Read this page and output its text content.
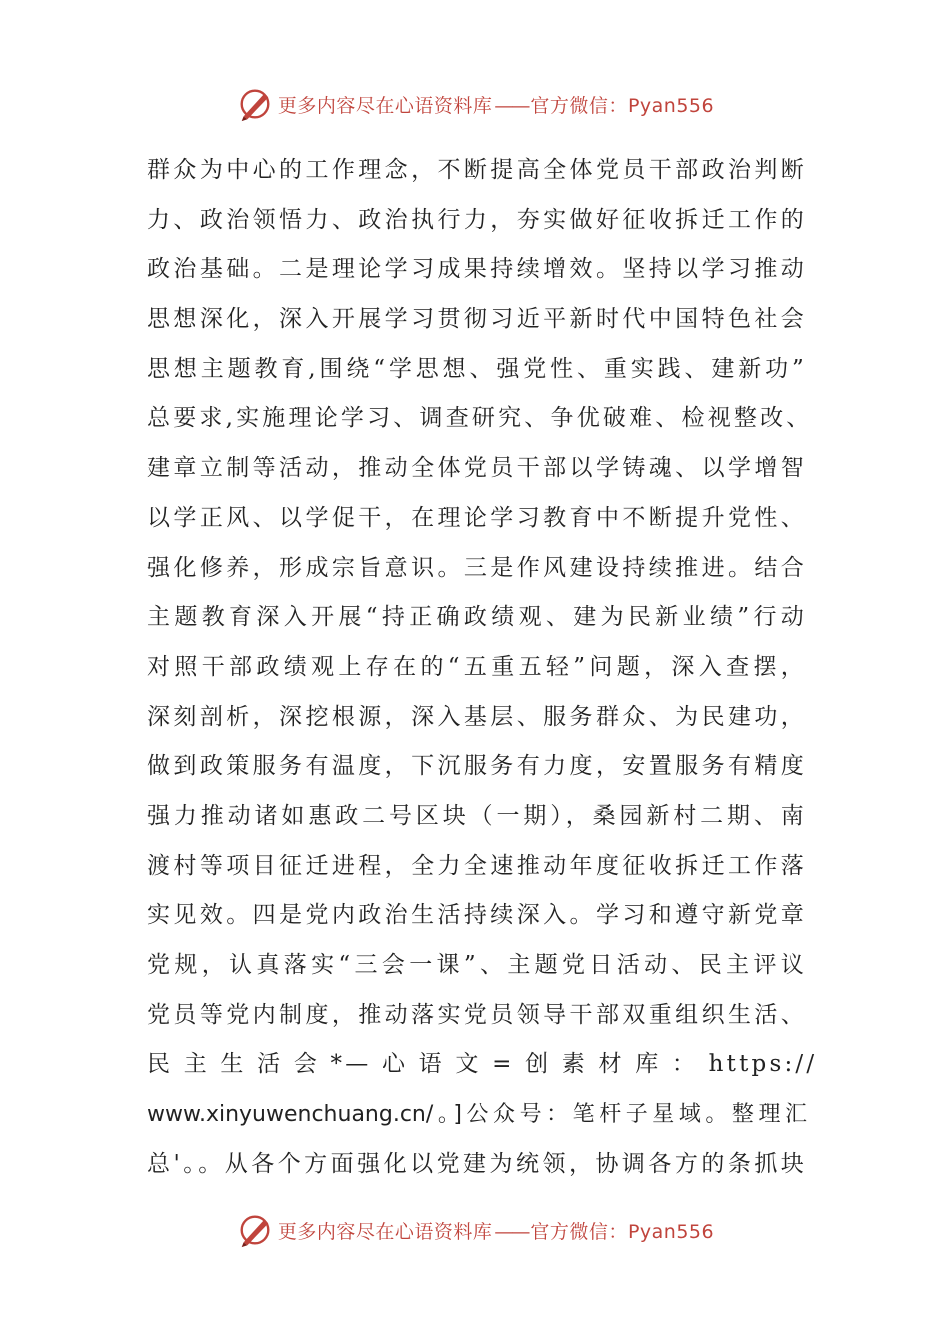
更多内容尽在心语资料库 —— 官方微信：Pyan556
群众为中心的工作理念，不断提高全体党员干部政治判断
力、政治领悟力、政治执行力，夯实做好征收拆迁工作的
政治基础。二是理论学习成果持续增效。坚持以学习推动
思想深化，深入开展学习贯彻习近平新时代中国特色社会
思想主题教育,围绕“学思想、强党性、重实践、建新功”
总要求,实施理论学习、调查研究、争优破难、检视整改、
建章立制等活动，推动全体党员干部以学铸魂、以学增智
以学正风、以学促干，在理论学习教育中不断提升党性、
强化修养，形成宗旨意识。三是作风建设持续推进。结合
主题教育深入开展“持正确政绩观、建为民新业绩”行动
对照干部政绩观上存在的“五重五轻”问题，深入查摆，
深刻剖析，深挖根源，深入基层、服务群众、为民建功，
做到政策服务有温度，下沉服务有力度，安置服务有精度
强力推动诸如惠政二号区块（一期），桑园新村二期、南
渡村等项目征迁进程，全力全速推动年度征收拆迁工作落
实见效。四是党内政治生活持续深入。学习和遵守新党章
党规，认真落实“三会一课”、主题党日活动、民主评议
党员等党内制度，推动落实党员领导干部双重组织生活、
民 主 生 活 会 *— 心 语 文 = 创 素 材 库 ： https://
www.xinyuwenchuang.cn/。]公众号：笔杆子星域。整理汇
总'。。从各个方面强化以党建为统领，协调各方的条抓块
更多内容尽在心语资料库 —— 官方微信：Pyan556
